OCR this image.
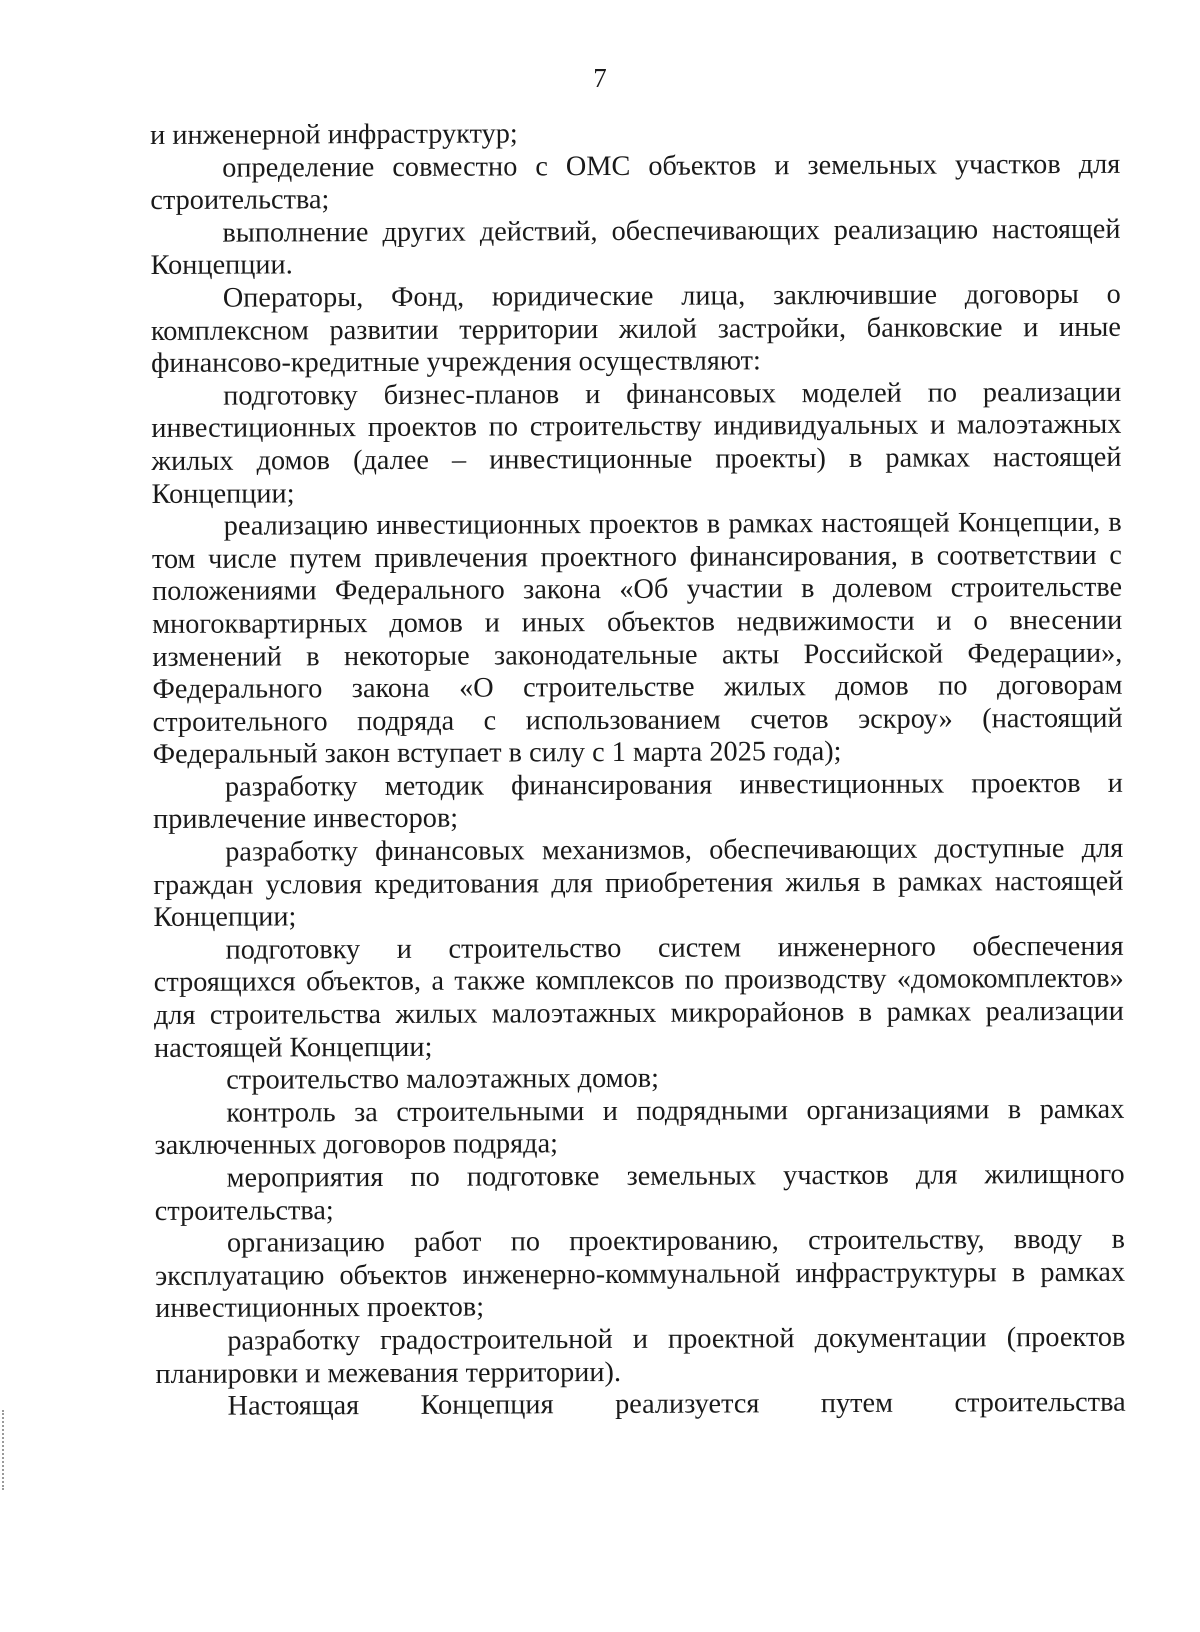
7

и инженерной инфраструктур;

определение совместно с ОМС объектов и земельных участков для строительства;

выполнение других действий, обеспечивающих реализацию настоящей Концепции.

Операторы, Фонд, юридические лица, заключившие договоры о комплексном развитии территории жилой застройки, банковские и иные финансово-кредитные учреждения осуществляют:

подготовку бизнес-планов и финансовых моделей по реализации инвестиционных проектов по строительству индивидуальных и малоэтажных жилых домов (далее – инвестиционные проекты) в рамках настоящей Концепции;

реализацию инвестиционных проектов в рамках настоящей Концепции, в том числе путем привлечения проектного финансирования, в соответствии с положениями Федерального закона «Об участии в долевом строительстве многоквартирных домов и иных объектов недвижимости и о внесении изменений в некоторые законодательные акты Российской Федерации», Федерального закона «О строительстве жилых домов по договорам строительного подряда с использованием счетов эскроу» (настоящий Федеральный закон вступает в силу с 1 марта 2025 года);

разработку методик финансирования инвестиционных проектов и привлечение инвесторов;

разработку финансовых механизмов, обеспечивающих доступные для граждан условия кредитования для приобретения жилья в рамках настоящей Концепции;

подготовку и строительство систем инженерного обеспечения строящихся объектов, а также комплексов по производству «домокомплектов» для строительства жилых малоэтажных микрорайонов в рамках реализации настоящей Концепции;

строительство малоэтажных домов;

контроль за строительными и подрядными организациями в рамках заключенных договоров подряда;

мероприятия по подготовке земельных участков для жилищного строительства;

организацию работ по проектированию, строительству, вводу в эксплуатацию объектов инженерно-коммунальной инфраструктуры в рамках инвестиционных проектов;

разработку градостроительной и проектной документации (проектов планировки и межевания территории).

Настоящая Концепция реализуется путем строительства
